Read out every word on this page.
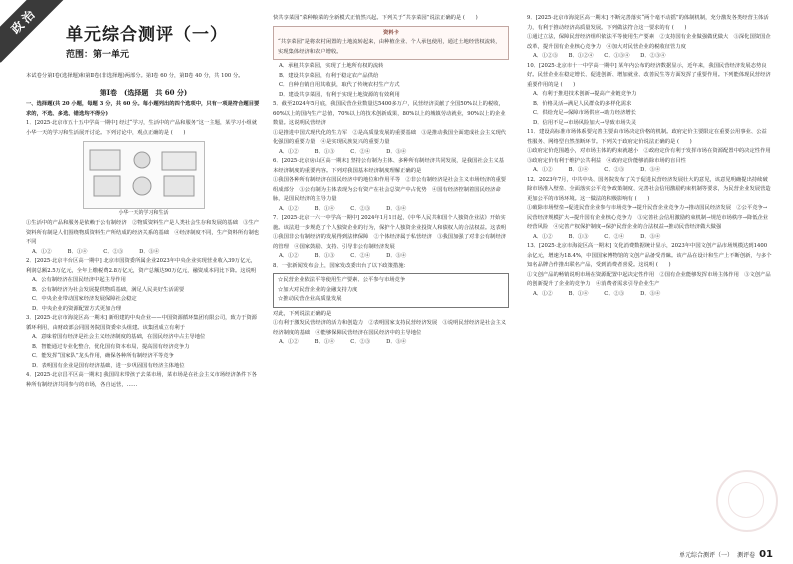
政治	单元综合测评（一）
范围：第一单元

本试卷分第Ⅰ卷(选择题)和第Ⅱ卷(非选择题)两部分。第Ⅰ卷 60 分，第Ⅱ卷 40 分，共 100 分。

第Ⅰ卷　(选择题　共 60 分)

一、选择题(共 20 小题，每题 3 分，共 60 分。每小题列出的四个选项中，只有一项是符合题目要求的，不选、多选、错选均不得分)

1．[2025·北京市五十五中学高一期中] 经过“学习，生活中的产品和服务”这一主题，某学习小组就小华一天的学习和生活展开讨论。下列讨论中，观点正确的是 (　　)

小华一天的学习和生活

①生活中的产品和服务是依赖于公有制经济　②物质资料生产是人类社会生存和发展的基础　③生产资料所有制是人们围绕物质资料生产所结成的经济关系的基础　④经济制度不同，生产资料所有制也不同

A．①②　　　B．①④　　　C．②③　　　D．③④

2．[2025·北京丰台区高一期中] 北京市国资委所属企业2023年中央企业实现营业收入39万亿元，利润总额2.5万亿元，全年上缴税费2.8万亿元，资产总额达90万亿元，融资成本同比下降。这说明

A．公有制经济在国民经济中起主导作用

B．公有制经济为社会发展提供物质基础，满足人民美好生活需要

C．中央企业带动国家经济发展保障社会稳定

D．中央企业的资源配置方式更加合理

3．[2025·北京市海淀区高一期末] 新组建的中央企业——中国资源循环集团有限公司，致力于资源循环利用，由财政部会同国务院国资委牵头组建。该集团成立有利于

A．意味着国有经济是社会主义经济制度的基础，在国民经济中占主导地位

B．智能通过专业化整合，优化国有资本布局，提高国有经济竞争力

C．能发挥“国家队”龙头作用，确保各种所有制经济平等竞争

D．表明国有企业是国有经济基础，进一步巩固国有经济主体地位

4．[2025·北京昌平区高一期末] 我国周末带孩子去菜市场，菜市场是在社会主义市场经济条件下各种所有制经济共同参与的市场，各自运营，……

快共享菜园”菜种粮菜的全新模式正悄然兴起。下列关于“共享菜园”说法正确的是 (　　)

资料卡

“共享菜园”是将农村闲置的土地流转起来，由种植企业、个人承包使用，通过土地经营权流转，实现集体经济和农户增收。

A．承租共享菜园，实现了土地所有权的流转

B．建设共享菜园，有利于稳定农产品供给

C．自种自销自用其收获，取代了传统农村生产方式

D．建设共享菜园，有利于实现土地资源的有效利用

5．截至2024年5月底，我国民营企业数量达5400多万户，民营经济贡献了全国50%以上的税收，60%以上的国内生产总值，70%以上的技术创新成果，80%以上的城镇劳动就业，90%以上的企业数量。这说明民营经济

①是推进中国式现代化的生力军　②是高质量发展的重要基础　③是推动我国全面建成社会主义现代化强国的重要力量　④是实现民族复兴的重要力量

A．①②　　　B．①③　　　C．②④　　　D．③④

6．[2025·北京房山区高一期末] 坚持公有制为主体、多种所有制经济共同发展，是我国社会主义基本经济制度的重要内容。下列对我国基本经济制度理解正确的是

①我国各种所有制经济在国民经济中的地位和作用平等　②非公有制经济是社会主义市场经济的重要组成部分　③公有制为主体表现为公有资产在社会总资产中占优势　④国有经济控制着国民经济命脉，是国民经济的主导力量

A．①②　　　B．①④　　　C．②③　　　D．③④

7．[2025·北京一六一中学高一期中] 2024年1月1日起，《中华人民共和国个人独资企业法》开始实施。该法进一步规范了个人独资企业的行为，保护个人独资企业投资人和债权人的合法权益。这表明

①我国非公有制经济的发展得到法律保障　②个体经济属于私营经济　③我国加强了对非公有制经济的管理　④国家鼓励、支持、引导非公有制经济发展

A．①②　　　B．①③　　　C．②④　　　D．③④

8．一张新闻发布会上，国家发改委出台了以下政策措施：

☆民营企业依法平等使用生产要素、公平参与市场竞争

☆加大对民营企业的金融支持力度

☆推动民营企业高质量发展

对此，下列说法正确的是

①有利于激发民营经济的活力和创造力　②表明国家支持民营经济发展　③说明民营经济是社会主义经济制度的基础　④能够保障民营经济在国民经济中的主导地位

A．①②　　　B．①④　　　C．②③　　　D．③④

9．[2025·北京市海淀区高一期末] 不断完善落实“两个毫不动摇”的体制机制，充分激发各类经营主体活力，有利于推动经济高质量发展。下列做法符合这一要求的有 (　　)

①通过立法，保障民营经济组织依法平等使用生产要素　②支持国有企业做强做优做大　③深化国资国企改革，提升国有企业核心竞争力　④加大对民营企业的税收征管力度

A．①②③　　B．①②④　　C．①③④　　D．②③④

10．[2025·北京市十一中学高一期中] 某年内公布的经济数据显示，近年来，我国民营经济发展态势良好。民营企业在稳定增长、促进创新、增加就业、改善民生等方面发挥了重要作用。下列能体现民营经济重要作用的是 (　　)

A．有利于推进技术创新→提高产业链竞争力

B．价格灵活→满足人民群众的多样化需求

C．供给充足→保障市场供应→助力经济增长

D．信用不足→市场风险加大→导致市场失灵

11．建设高标准市场体系要完善主要由市场决定价格的机制。政府定价主要限定在重要公用事业、公益性服务、网络型自然垄断环节。下列关于政府定价说法正确的是 (　　)

①政府定价范围越小，对市场主体的约束就越小　②政府定价有利于发挥市场在资源配置中的决定性作用　③政府定价有利于维护公共利益　④政府定价能够消除市场的盲目性

A．①②　　　B．①④　　　C．②③　　　D．③④

12．2023年7月，中共中央、国务院发布了关于促进民营经济发展壮大的意见，该意见明确提出持续破除市场准入壁垒、全面落实公平竞争政策制度、完善社会信用激励约束机制等要求，为民营企业发展营造更加公平的市场环境。这一做法的积极影响有 (　　)

①破除市场壁垒→促进民营企业参与市场竞争→提升民营企业竞争力→推动国民经济发展　②公平竞争→民营经济规模扩大→提升国有企业核心竞争力　③完善社会信用激励约束机制→规范市场秩序→降低企业经营风险　④完善产权保护制度→保护民营企业的合法权益→推动民营经济做大做强

A．①②　　　B．①③　　　C．②④　　　D．③④

13．[2025·北京市海淀区高一期末] 文化消费数据统计显示，2023年中国文创产品市场规模达到1400余亿元，增速为18.4%，中国国家博物馆的文创产品备受青睐。该产品在设计和生产上不断创新，与多个知名品牌合作推出联名产品，受到消费者喜爱。这说明 (　　)

①文创产品的畅销说明市场在资源配置中起决定性作用　②国有企业能够发挥市场主体作用　③文创产品的创新提升了企业的竞争力　④消费者需求引导企业生产

A．①②　　　B．①④　　　C．②③　　　D．③④

单元综合测评（一） 测评卷 01
